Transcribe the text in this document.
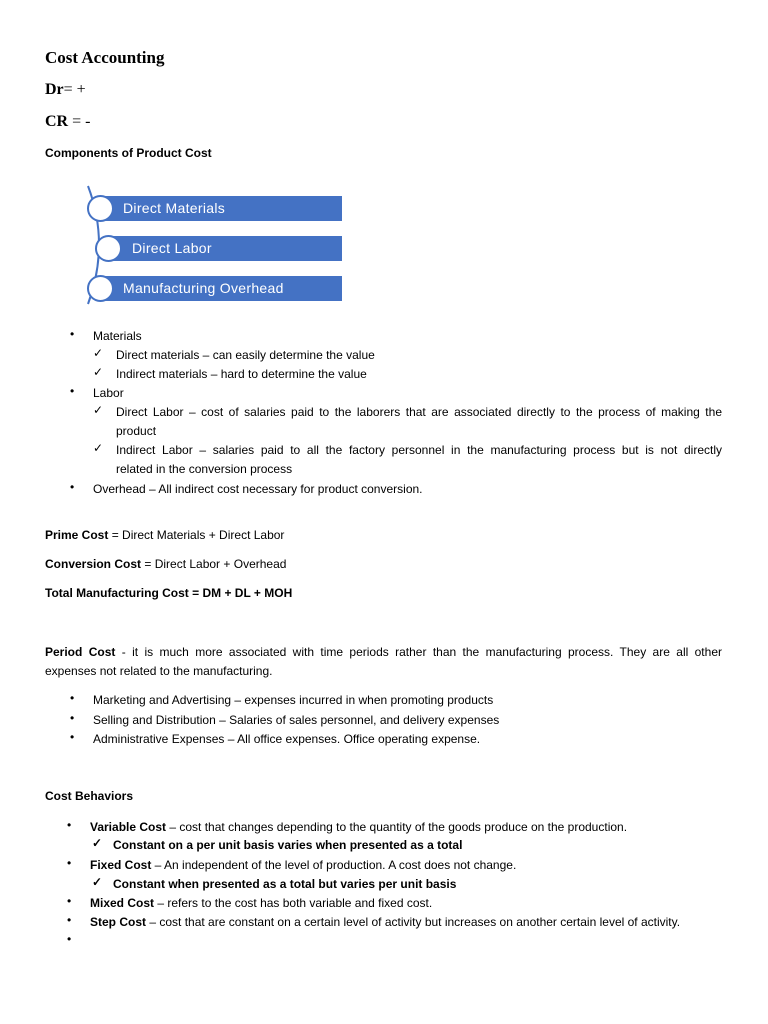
Cost Accounting
Dr= +
CR = -
Components of Product Cost
Direct Materials
Direct Labor
Manufacturing Overhead
• Materials
✓ Direct materials – can easily determine the value
✓ Indirect materials – hard to determine the value
• Labor
✓ Direct Labor – cost of salaries paid to the laborers that are associated directly to the process of making the
product
✓ Indirect Labor – salaries paid to all the factory personnel in the manufacturing process but is not directly
related in the conversion process
• Overhead – All indirect cost necessary for product conversion.
Prime Cost = Direct Materials + Direct Labor
Conversion Cost = Direct Labor + Overhead
Total Manufacturing Cost = DM + DL + MOH
Period Cost - it is much more associated with time periods rather than the manufacturing process. They are all other
expenses not related to the manufacturing.
• Marketing and Advertising – expenses incurred in when promoting products
• Selling and Distribution – Salaries of sales personnel, and delivery expenses
• Administrative Expenses – All office expenses. Office operating expense.
Cost Behaviors
• Variable Cost – cost that changes depending to the quantity of the goods produce on the production.
✓ Constant on a per unit basis varies when presented as a total
• Fixed Cost – An independent of the level of production. A cost does not change.
✓ Constant when presented as a total but varies per unit basis
• Mixed Cost – refers to the cost has both variable and fixed cost.
• Step Cost – cost that are constant on a certain level of activity but increases on another certain level of activity.
•
